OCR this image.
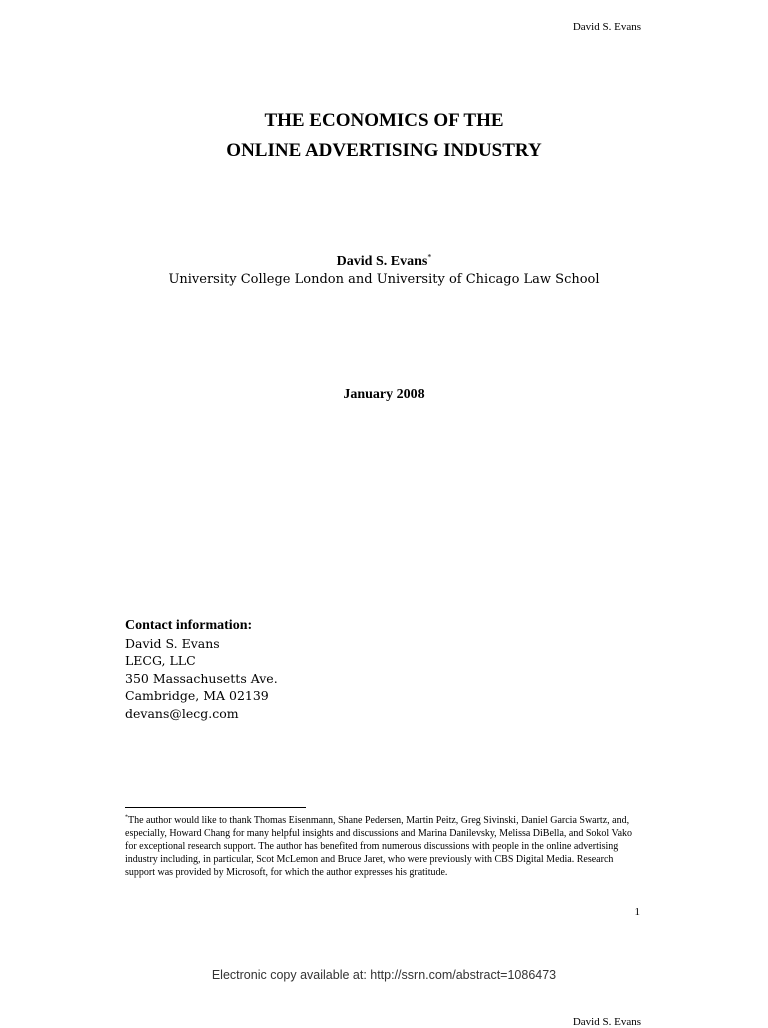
David S. Evans
THE ECONOMICS OF THE
ONLINE ADVERTISING INDUSTRY
David S. Evans*
University College London and University of Chicago Law School
January 2008
Contact information:
David S. Evans
LECG, LLC
350 Massachusetts Ave.
Cambridge, MA 02139
devans@lecg.com
*The author would like to thank Thomas Eisenmann, Shane Pedersen, Martin Peitz, Greg Sivinski, Daniel Garcia Swartz, and, especially, Howard Chang for many helpful insights and discussions and Marina Danilevsky, Melissa DiBella, and Sokol Vako for exceptional research support. The author has benefited from numerous discussions with people in the online advertising industry including, in particular, Scot McLemon and Bruce Jaret, who were previously with CBS Digital Media. Research support was provided by Microsoft, for which the author expresses his gratitude.
1
Electronic copy available at: http://ssrn.com/abstract=1086473
David S. Evans
